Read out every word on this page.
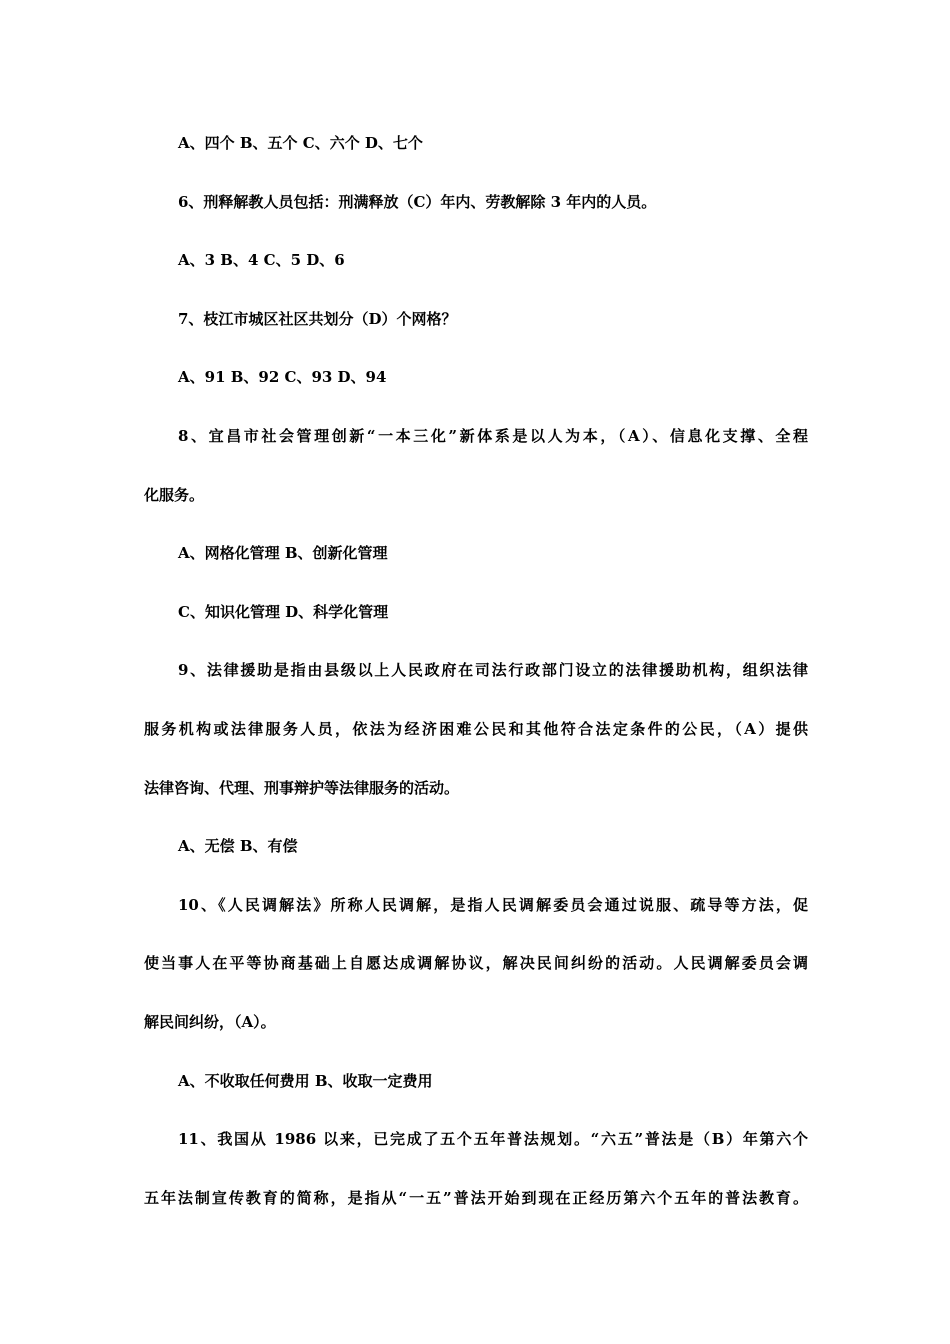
A、四个 B、五个 C、六个 D、七个
6、刑释解教人员包括：刑满释放（C）年内、劳教解除 3 年内的人员。
A、3 B、4 C、5 D、6
7、枝江市城区社区共划分（D）个网格？
A、91 B、92 C、93 D、94
8、宜昌市社会管理创新“一本三化”新体系是以人为本，（A）、信息化支撑、全程
化服务。
A、网格化管理 B、创新化管理
C、知识化管理 D、科学化管理
9、法律援助是指由县级以上人民政府在司法行政部门设立的法律援助机构，组织法律
服务机构或法律服务人员，依法为经济困难公民和其他符合法定条件的公民，（A）提供
法律咨询、代理、刑事辩护等法律服务的活动。
A、无偿 B、有偿
10、《人民调解法》所称人民调解，是指人民调解委员会通过说服、疏导等方法，促
使当事人在平等协商基础上自愿达成调解协议，解决民间纠纷的活动。人民调解委员会调
解民间纠纷，（A）。
A、不收取任何费用 B、收取一定费用
11、我国从 1986 以来，已完成了五个五年普法规划。“六五”普法是（B）年第六个
五年法制宣传教育的简称，是指从“一五”普法开始到现在正经历第六个五年的普法教育。
